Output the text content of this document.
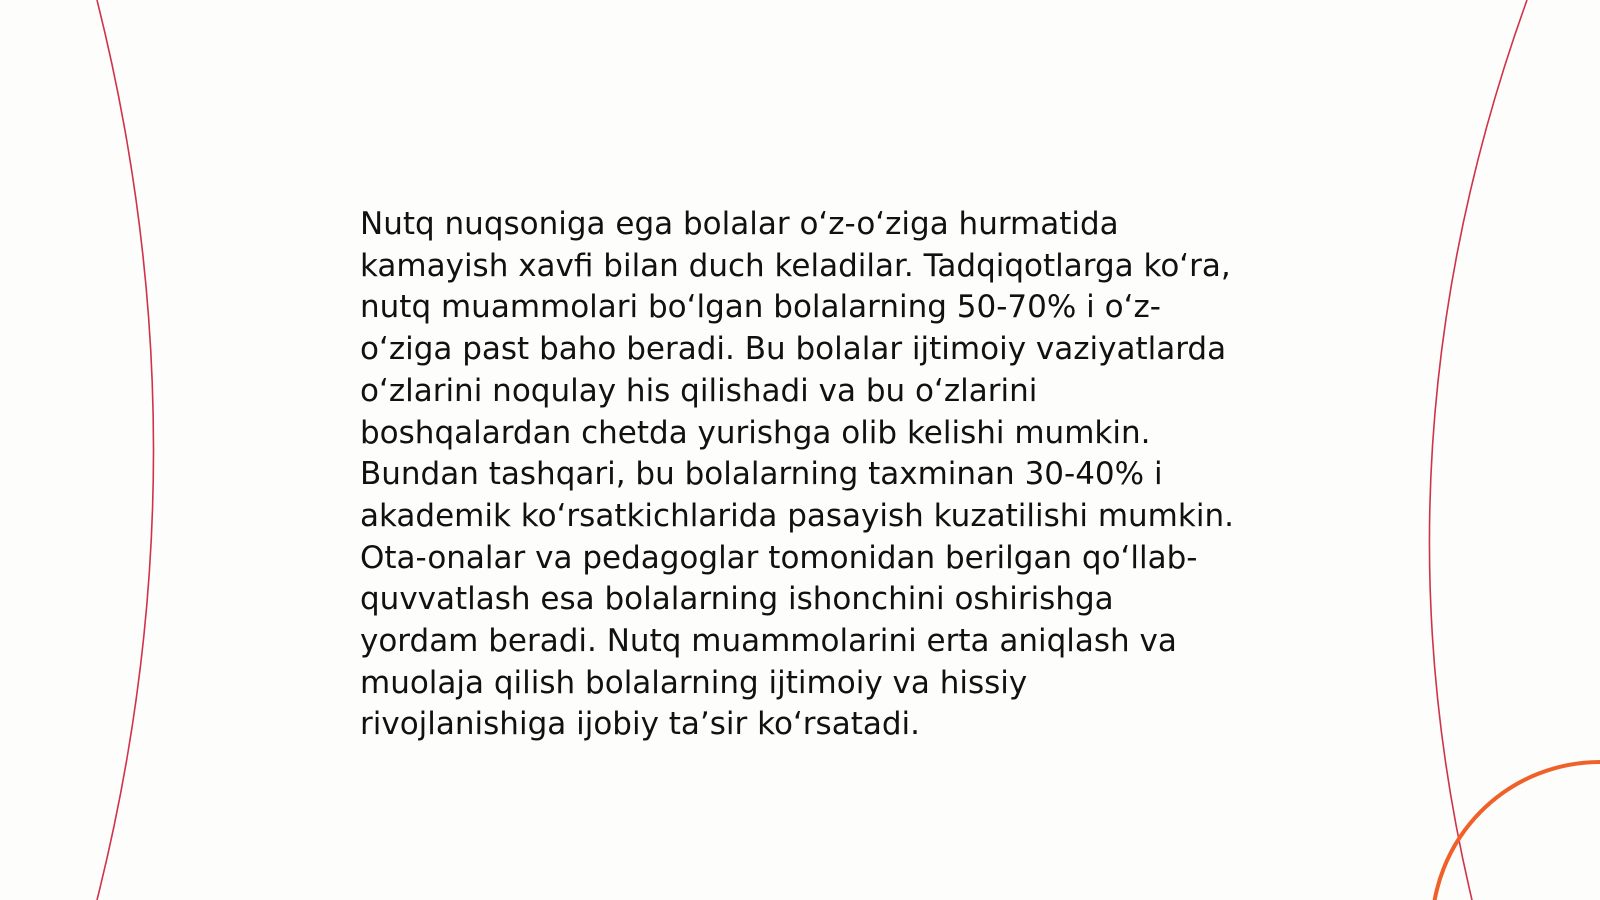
Nutq nuqsoniga ega bolalar o‘z-o‘ziga hurmatida kamayish xavfi bilan duch keladilar. Tadqiqotlarga ko‘ra, nutq muammolari bo‘lgan bolalarning 50-70% i o‘z-o‘ziga past baho beradi. Bu bolalar ijtimoiy vaziyatlarda o‘zlarini noqulay his qilishadi va bu o‘zlarini boshqalardan chetda yurishga olib kelishi mumkin. Bundan tashqari, bu bolalarning taxminan 30-40% i akademik ko‘rsatkichlarida pasayish kuzatilishi mumkin. Ota-onalar va pedagoglar tomonidan berilgan qo‘llab-quvvatlash esa bolalarning ishonchini oshirishga yordam beradi. Nutq muammolarini erta aniqlash va muolaja qilish bolalarning ijtimoiy va hissiy rivojlanishiga ijobiy ta’sir ko‘rsatadi.
